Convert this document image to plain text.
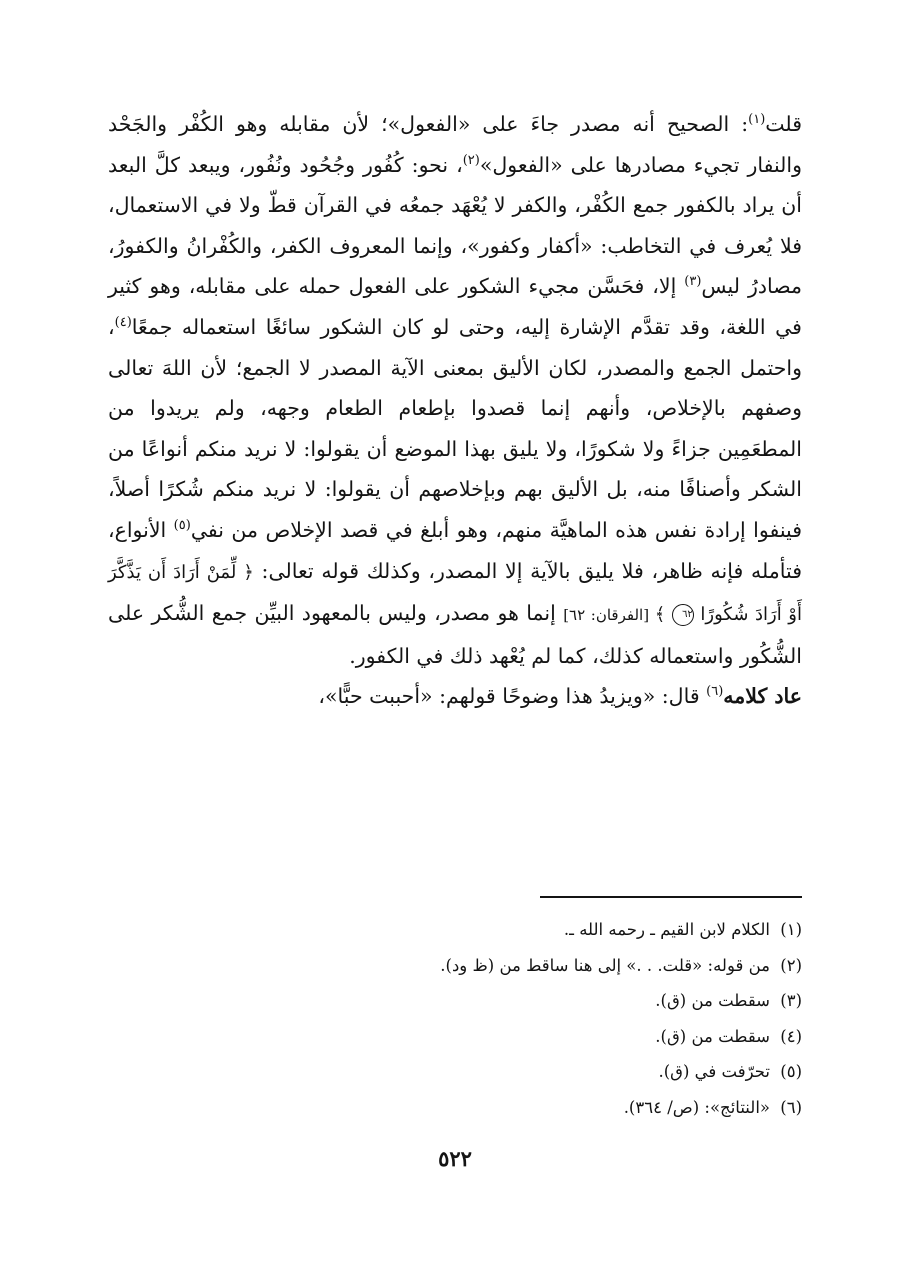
قلت$^{(١)}$: الصحيح أنه مصدر جاءَ على «الفعول»؛ لأن مقابله وهو الكُفْر والجَحْد والنفار تجيء مصادرها على «الفعول»$^{(٢)}$، نحو: كُفُور وجُحُود ونُفُور، ويبعد كلَّ البعد أن يراد بالكفور جمع الكُفْر، والكفر لا يُعْهَد جمعُه في القرآن قطّ ولا في الاستعمال، فلا يُعرف في التخاطب: «أكفار وكفور»، وإنما المعروف الكفر، والكُفْرانُ والكفورُ، مصادرُ ليس$^{(٣)}$ إلا، فحَسَّن مجيء الشكور على الفعول حمله على مقابله، وهو كثير في اللغة، وقد تقدَّم الإشارة إليه، وحتى لو كان الشكور سائغًا استعماله جمعًا$^{(٤)}$، واحتمل الجمع والمصدر، لكان الأليق بمعنى الآية المصدر لا الجمع؛ لأن اللهَ تعالى وصفهم بالإخلاص، وأنهم إنما قصدوا بإطعام الطعام وجهه، ولم يريدوا من المطعَمِين جزاءً ولا شكورًا، ولا يليق بهذا الموضع أن يقولوا: لا نريد منكم أنواعًا من الشكر وأصنافًا منه، بل الأليق بهم وبإخلاصهم أن يقولوا: لا نريد منكم شُكرًا أصلاً، فينفوا إرادة نفس هذه الماهيَّة منهم، وهو أبلغ في قصد الإخلاص من نفي$^{(٥)}$ الأنواع، فتأمله فإنه ظاهر، فلا يليق بالآية إلا المصدر، وكذلك قوله تعالى: ﴿ لِّمَنْ أَرَادَ أَن يَذَّكَّرَ أَوْ أَرَادَ شُكُورًا ٦٢ ﴾ [الفرقان: ٦٢] إنما هو مصدر، وليس بالمعهود البيِّن جمع الشُّكر على الشُّكُور واستعماله كذلك، كما لم يُعْهد ذلك في الكفور.

عاد كلامه$^{(٦)}$ قال: «ويزيدُ هذا وضوحًا قولهم: «أحببت حبًّا»،

(١)الكلام لابن القيم ـ رحمه الله ـ.
(٢)من قوله: «قلت. . .» إلى هنا ساقط من (ظ ود).
(٣)سقطت من (ق).
(٤)سقطت من (ق).
(٥)تحرّفت في (ق).
(٦)«النتائج»: (ص/ ٣٦٤).
٥٢٢
